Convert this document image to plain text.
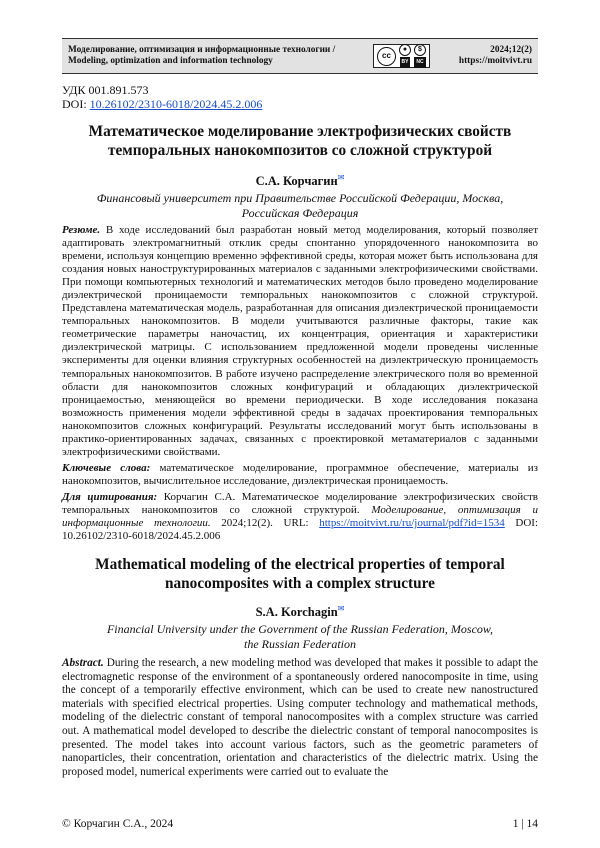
Моделирование, оптимизация и информационные технологии /
Modeling, optimization and information technology
cc
●
BY
$
NC
2024;12(2)
https://moitvivt.ru
УДК 001.891.573
DOI: 10.26102/2310-6018/2024.45.2.006
Математическое моделирование электрофизических свойств
темпоральных нанокомпозитов со сложной структурой
С.А. Корчагин✉
Финансовый университет при Правительстве Российской Федерации, Москва,
Российская Федерация
Резюме. В ходе исследований был разработан новый метод моделирования, который позволяет адаптировать электромагнитный отклик среды спонтанно упорядоченного нанокомпозита во времени, используя концепцию временно эффективной среды, которая может быть использована для создания новых наноструктурированных материалов с заданными электрофизическими свойствами. При помощи компьютерных технологий и математических методов было проведено моделирование диэлектрической проницаемости темпоральных нанокомпозитов с сложной структурой. Представлена математическая модель, разработанная для описания диэлектрической проницаемости темпоральных нанокомпозитов. В модели учитываются различные факторы, такие как геометрические параметры наночастиц, их концентрация, ориентация и характеристики диэлектрической матрицы. С использованием предложенной модели проведены численные эксперименты для оценки влияния структурных особенностей на диэлектрическую проницаемость темпоральных нанокомпозитов. В работе изучено распределение электрического поля во временной области для нанокомпозитов сложных конфигураций и обладающих диэлектрической проницаемостью, меняющейся во времени периодически. В ходе исследования показана возможность применения модели эффективной среды в задачах проектирования темпоральных нанокомпозитов сложных конфигураций. Результаты исследований могут быть использованы в практико-ориентированных задачах, связанных с проектировкой метаматериалов с заданными электрофизическими свойствами.
Ключевые слова: математическое моделирование, программное обеспечение, материалы из нанокомпозитов, вычислительное исследование, диэлектрическая проницаемость.
Для цитирования: Корчагин С.А. Математическое моделирование электрофизических свойств темпоральных нанокомпозитов со сложной структурой. Моделирование, оптимизация и информационные технологии. 2024;12(2). URL: https://moitvivt.ru/ru/journal/pdf?id=1534 DOI: 10.26102/2310-6018/2024.45.2.006
Mathematical modeling of the electrical properties of temporal
nanocomposites with a complex structure
S.A. Korchagin✉
Financial University under the Government of the Russian Federation, Moscow,
the Russian Federation
Abstract. During the research, a new modeling method was developed that makes it possible to adapt the electromagnetic response of the environment of a spontaneously ordered nanocomposite in time, using the concept of a temporarily effective environment, which can be used to create new nanostructured materials with specified electrical properties. Using computer technology and mathematical methods, modeling of the dielectric constant of temporal nanocomposites with a complex structure was carried out. A mathematical model developed to describe the dielectric constant of temporal nanocomposites is presented. The model takes into account various factors, such as the geometric parameters of nanoparticles, their concentration, orientation and characteristics of the dielectric matrix. Using the proposed model, numerical experiments were carried out to evaluate the
© Корчагин С.А., 2024	1 | 14
